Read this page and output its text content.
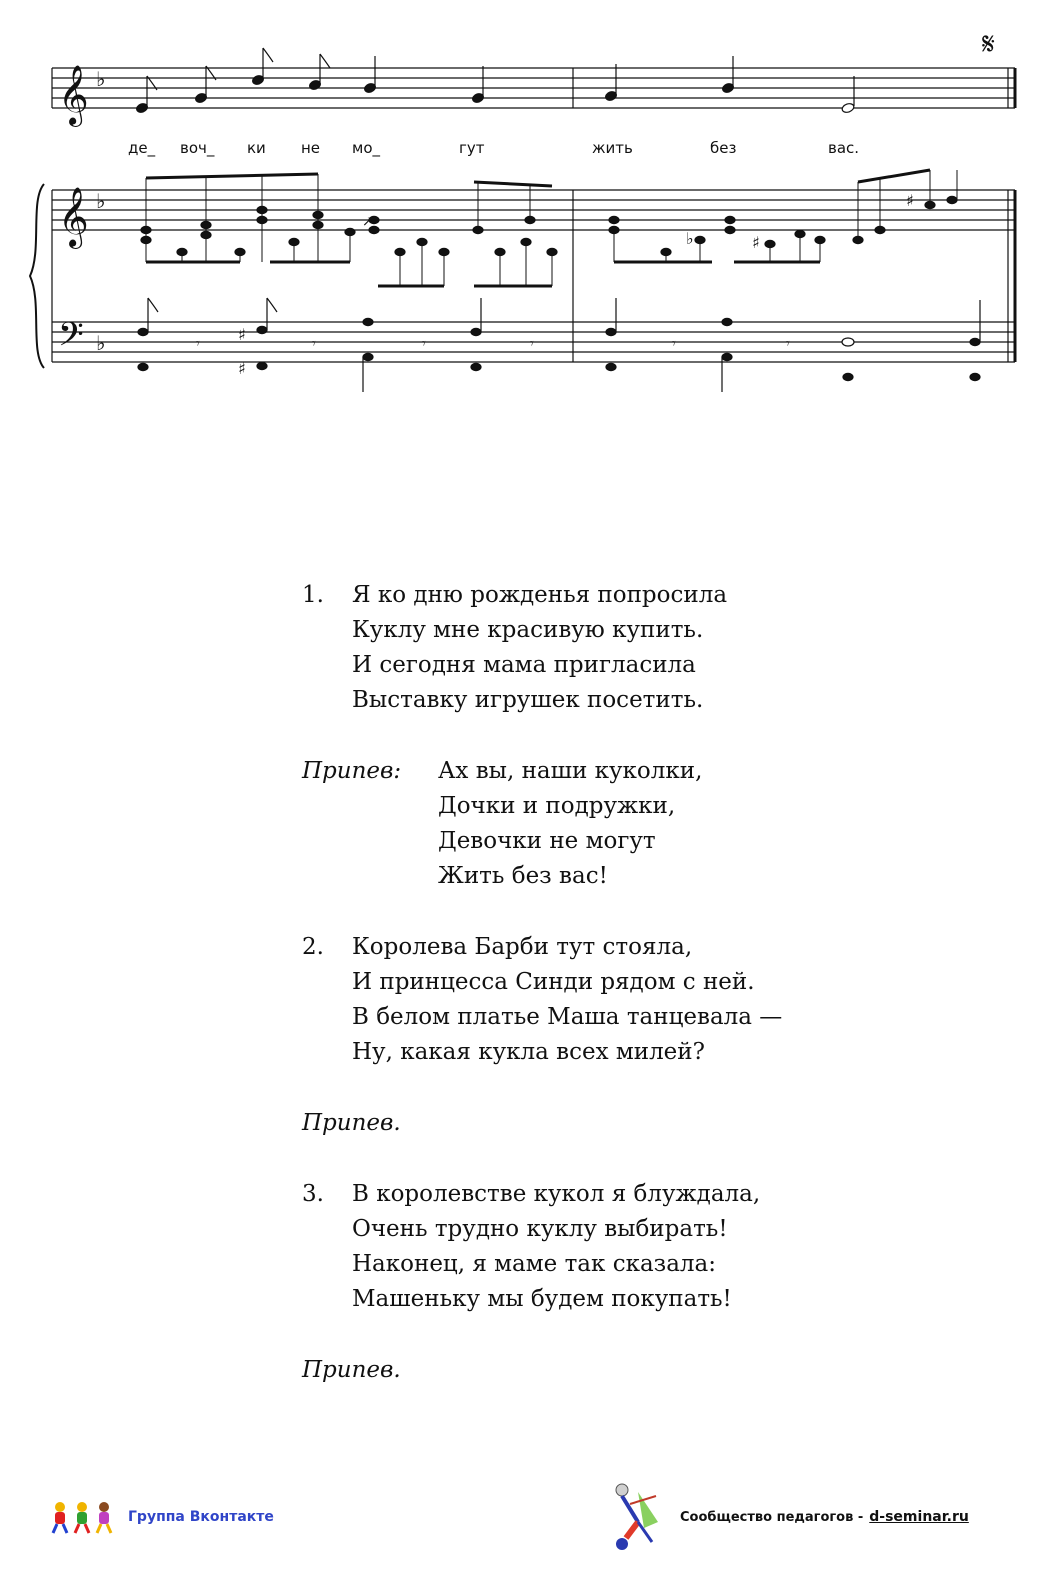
𝄞
𝄞
𝄢
♭
♭
♭
↗
♭	♯
♯
♯
♯
𝄾	𝄾	𝄾	𝄾	𝄾	𝄾
𝄋
де_ воч_ ки не мо_	гут	жить	без	вас.
1.	Я ко дню рожденья попросила
Куклу мне красивую купить.
И сегодня мама пригласила
Выставку игрушек посетить.
Припев: Ах вы, наши куколки,
Дочки и подружки,
Девочки не могут
Жить без вас!
2.	Королева Барби тут стояла,
И принцесса Синди рядом с ней.
В белом платье Маша танцевала —
Ну, какая кукла всех милей?
Припев.
3.	В королевстве кукол я блуждала,
Очень трудно куклу выбирать!
Наконец, я маме так сказала:
Машеньку мы будем покупать!
Припев.
Группа Вконтакте	Сообщество педагогов - d-seminar.ru
